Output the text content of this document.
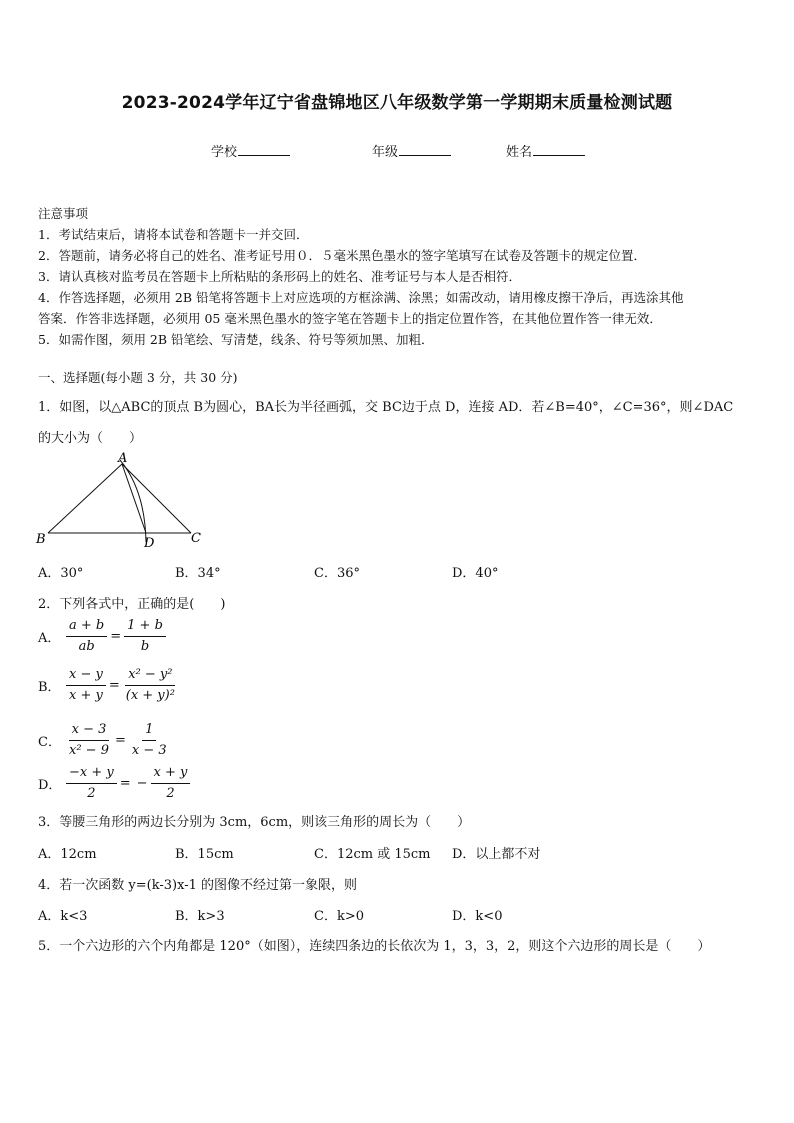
2023-2024学年辽宁省盘锦地区八年级数学第一学期期末质量检测试题
学校	年级	姓名
注意事项
1．考试结束后，请将本试卷和答题卡一并交回．
2．答题前，请务必将自己的姓名、准考证号用０．５毫米黑色墨水的签字笔填写在试卷及答题卡的规定位置．
3．请认真核对监考员在答题卡上所粘贴的条形码上的姓名、准考证号与本人是否相符．
4．作答选择题，必须用 2B 铅笔将答题卡上对应选项的方框涂满、涂黑；如需改动，请用橡皮擦干净后，再选涂其他
答案．作答非选择题，必须用 05 毫米黑色墨水的签字笔在答题卡上的指定位置作答，在其他位置作答一律无效．
5．如需作图，须用 2B 铅笔绘、写清楚，线条、符号等须加黑、加粗．
一、选择题(每小题 3 分，共 30 分)
1．如图，以△ABC的顶点 B为圆心，BA长为半径画弧，交 BC边于点 D，连接 AD．若∠B=40°，∠C=36°，则∠DAC
的大小为（　　）
A
B	D	C
A．30°	B．34°	C．36°	D．40°
2．下列各式中，正确的是(　　)
A． $\frac{a + b}{ab} = \frac{1 + b}{b}$
B． $\frac{x - y}{x + y} = \frac{\text{x² − y²}}{\text{(x + y)²}}$
C． $\frac{x - 3}{\text{x² − 9}} = \frac{1}{x - 3}$
D． $\frac{-x + y}{2}$ = − $\frac{x + y}{2}$
3．等腰三角形的两边长分别为 3cm，6cm，则该三角形的周长为（　　）
A．12cm	B．15cm	C．12cm 或 15cm D．以上都不对
4．若一次函数 y=(k-3)x-1 的图像不经过第一象限，则
A．k<3	B．k>3	C．k>0	D．k<0
5．一个六边形的六个内角都是 120°（如图），连续四条边的长依次为 1，3，3，2，则这个六边形的周长是（　　）
